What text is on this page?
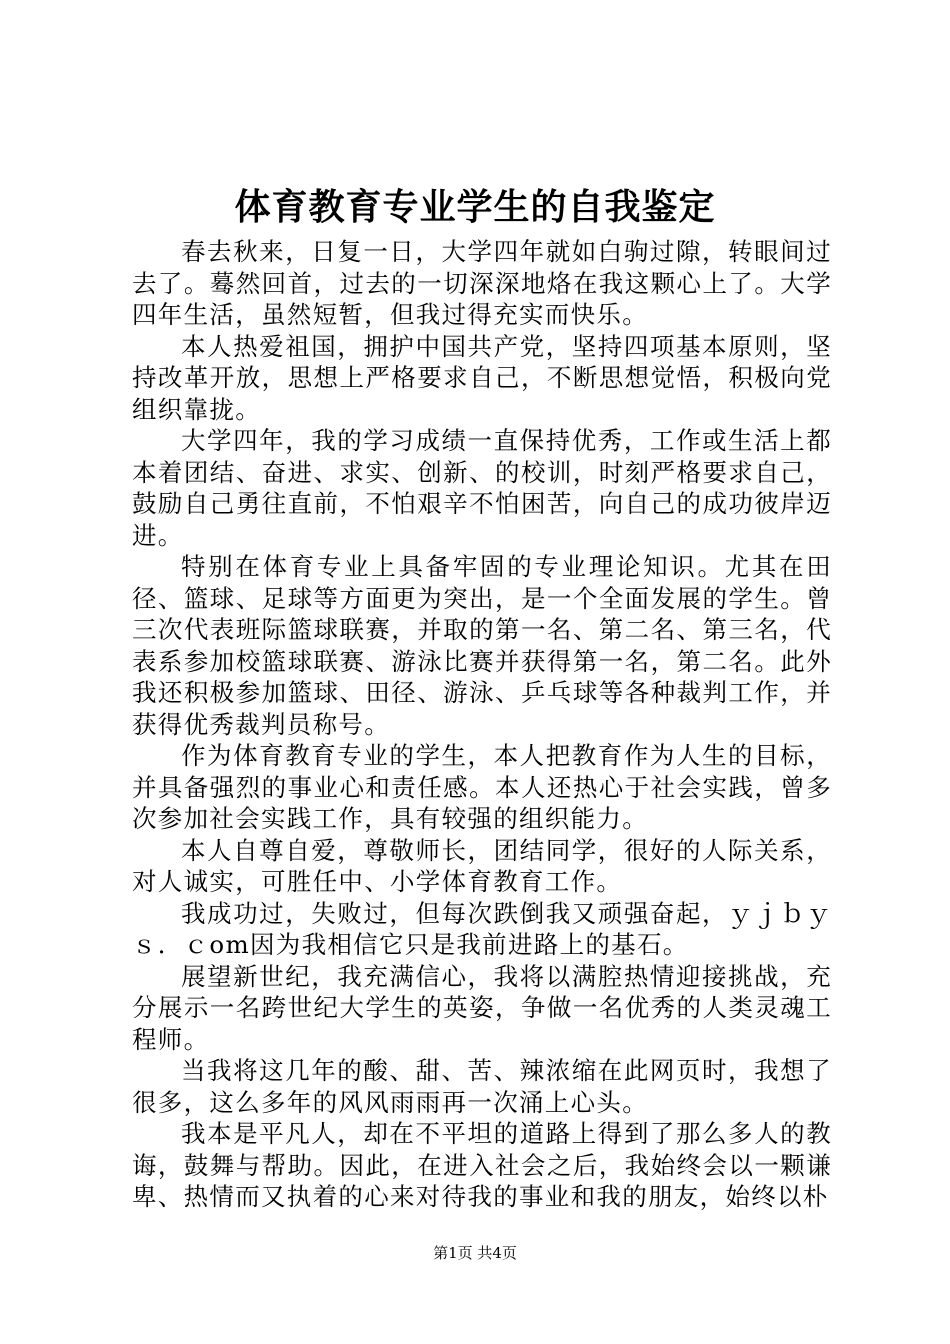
体育教育专业学生的自我鉴定

春去秋来，日复一日，大学四年就如白驹过隙，转眼间过去了。蓦然回首，过去的一切深深地烙在我这颗心上了。大学四年生活，虽然短暂，但我过得充实而快乐。

本人热爱祖国，拥护中国共产党，坚持四项基本原则，坚持改革开放，思想上严格要求自己，不断思想觉悟，积极向党组织靠拢。

大学四年，我的学习成绩一直保持优秀，工作或生活上都本着团结、奋进、求实、创新、的校训，时刻严格要求自己，鼓励自己勇往直前，不怕艰辛不怕困苦，向自己的成功彼岸迈进。

特别在体育专业上具备牢固的专业理论知识。尤其在田径、篮球、足球等方面更为突出，是一个全面发展的学生。曾三次代表班际篮球联赛，并取的第一名、第二名、第三名，代表系参加校篮球联赛、游泳比赛并获得第一名，第二名。此外我还积极参加篮球、田径、游泳、乒乓球等各种裁判工作，并获得优秀裁判员称号。

作为体育教育专业的学生，本人把教育作为人生的目标，并具备强烈的事业心和责任感。本人还热心于社会实践，曾多次参加社会实践工作，具有较强的组织能力。

本人自尊自爱，尊敬师长，团结同学，很好的人际关系，对人诚实，可胜任中、小学体育教育工作。

我成功过，失败过，但每次跌倒我又顽强奋起，ｙｊｂｙｓ．ｃom因为我相信它只是我前进路上的基石。

展望新世纪，我充满信心，我将以满腔热情迎接挑战，充分展示一名跨世纪大学生的英姿，争做一名优秀的人类灵魂工程师。

当我将这几年的酸、甜、苦、辣浓缩在此网页时，我想了很多，这么多年的风风雨雨再一次涌上心头。

我本是平凡人，却在不平坦的道路上得到了那么多人的教诲，鼓舞与帮助。因此，在进入社会之后，我始终会以一颗谦卑、热情而又执着的心来对待我的事业和我的朋友，始终以朴

第1页 共4页
